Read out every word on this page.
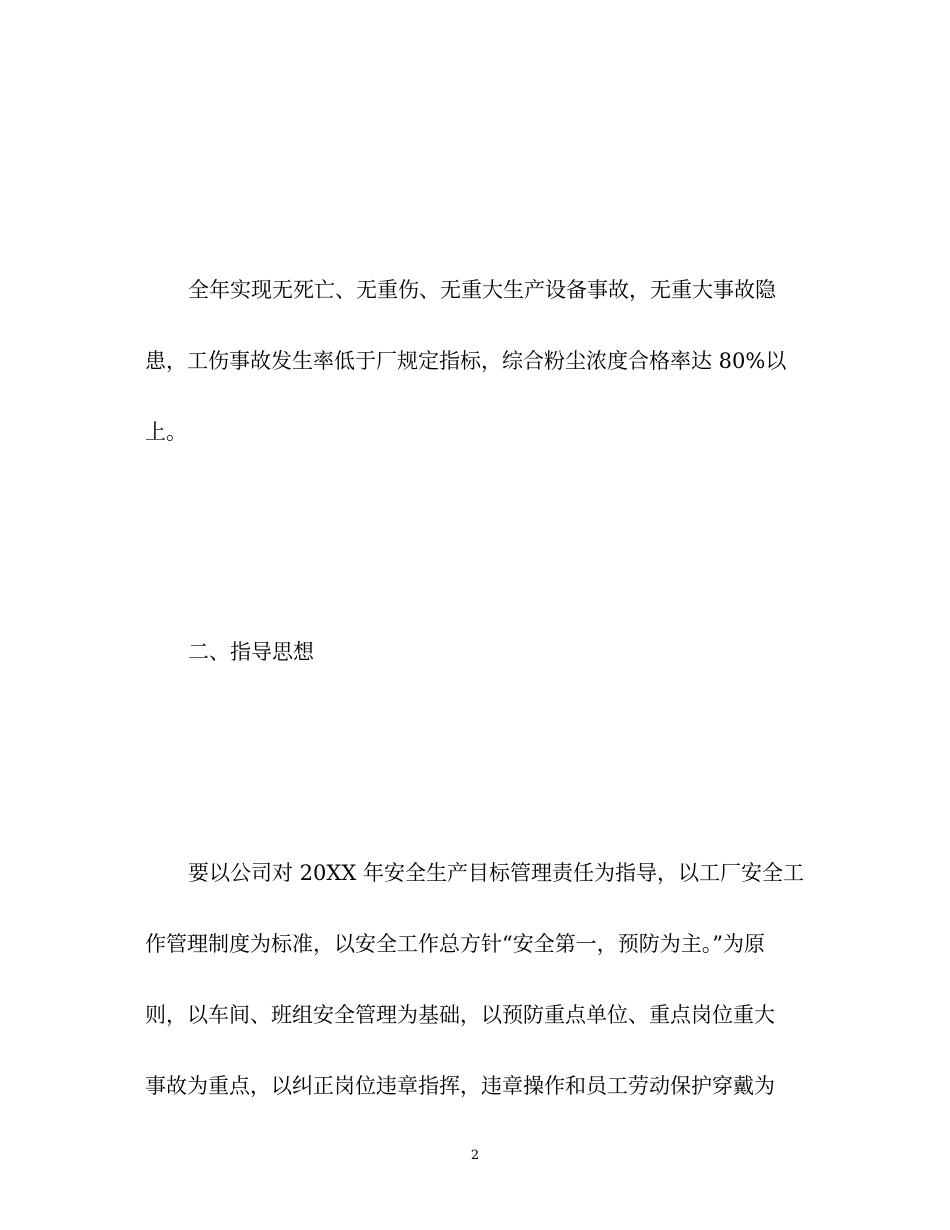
全年实现无死亡、无重伤、无重大生产设备事故，无重大事故隐
患，工伤事故发生率低于厂规定指标，综合粉尘浓度合格率达 80%以
上。
二、指导思想
要以公司对 20XX 年安全生产目标管理责任为指导，以工厂安全工
作管理制度为标准，以安全工作总方针“安全第一，预防为主。”为原
则，以车间、班组安全管理为基础，以预防重点单位、重点岗位重大
事故为重点，以纠正岗位违章指挥，违章操作和员工劳动保护穿戴为
2
